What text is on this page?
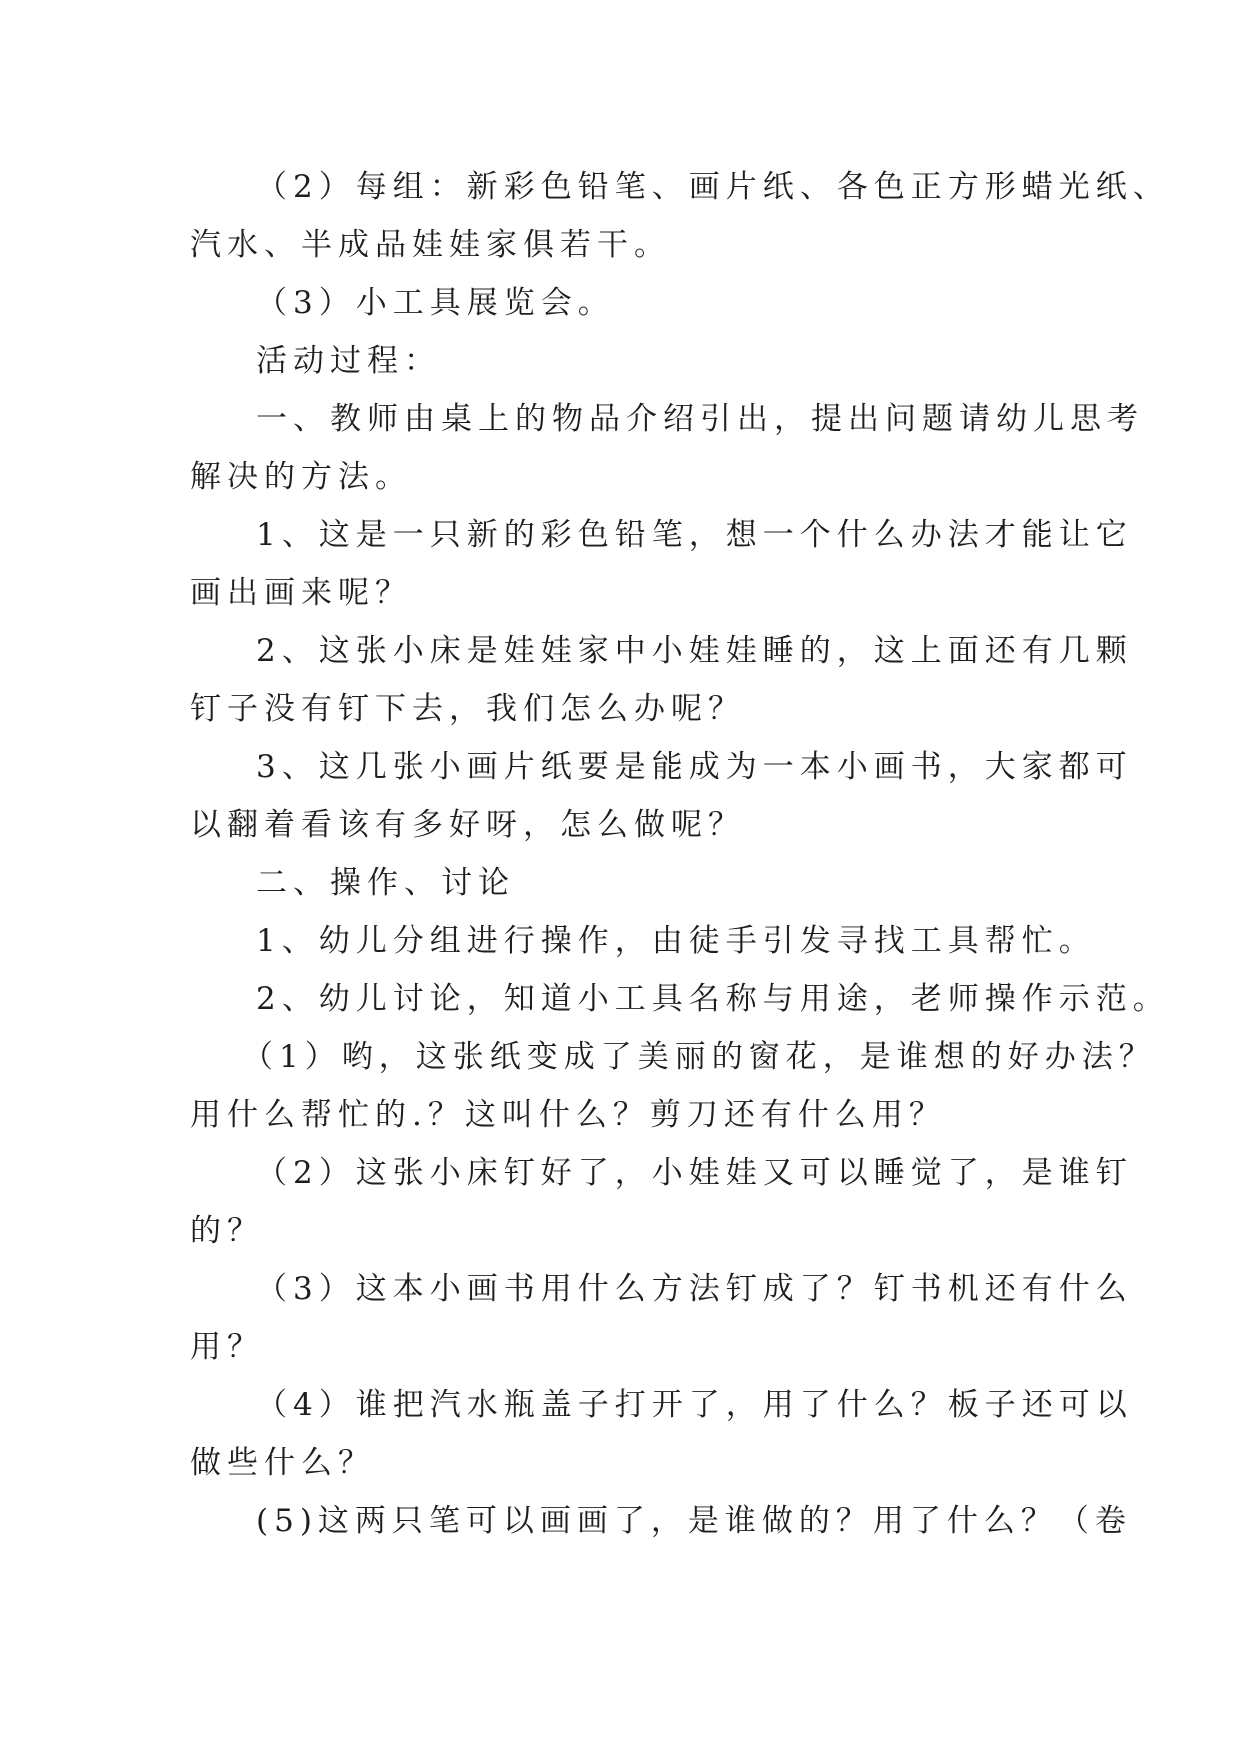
（2）每组：新彩色铅笔、画片纸、各色正方形蜡光纸、

汽水、半成品娃娃家俱若干。

（3）小工具展览会。

活动过程：

一、教师由桌上的物品介绍引出，提出问题请幼儿思考

解决的方法。

1、这是一只新的彩色铅笔，想一个什么办法才能让它

画出画来呢？

2、这张小床是娃娃家中小娃娃睡的，这上面还有几颗

钉子没有钉下去，我们怎么办呢？

3、这几张小画片纸要是能成为一本小画书，大家都可

以翻着看该有多好呀，怎么做呢？

二、操作、讨论

1、幼儿分组进行操作，由徒手引发寻找工具帮忙。

2、幼儿讨论，知道小工具名称与用途，老师操作示范。

（1）哟，这张纸变成了美丽的窗花，是谁想的好办法？

用什么帮忙的.？这叫什么？剪刀还有什么用？

（2）这张小床钉好了，小娃娃又可以睡觉了，是谁钉

的？

（3）这本小画书用什么方法钉成了？钉书机还有什么

用？

（4）谁把汽水瓶盖子打开了，用了什么？板子还可以

做些什么？

(5)这两只笔可以画画了，是谁做的？用了什么？（卷
